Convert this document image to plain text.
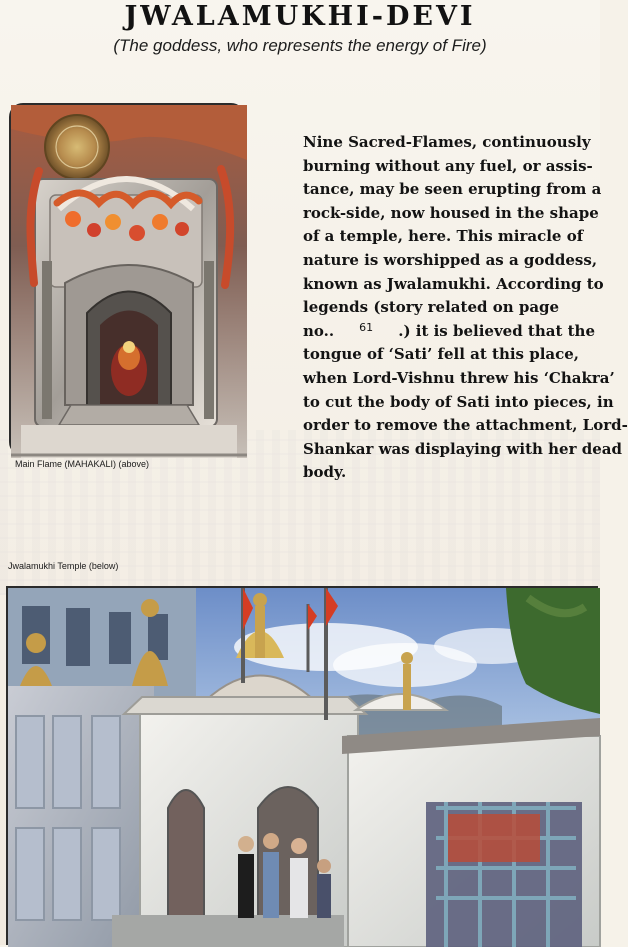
JWALAMUKHI-DEVI
(The goddess, who represents the energy of Fire)
Main Flame (MAHAKALI) (above)
Nine Sacred-Flames, continuously
burning without any fuel, or assis-
tance, may be seen erupting from a
rock-side, now housed in the shape
of a temple, here. This miracle of
nature is worshipped as a goddess,
known as Jwalamukhi. According to
legends (story related on page
no.. 61 .) it is believed that the
tongue of ‘Sati’ fell at this place,
when Lord-Vishnu threw his ‘Chakra’
to cut the body of Sati into pieces, in
order to remove the attachment, Lord-
Shankar was displaying with her dead
body.
Jwalamukhi Temple (below)
